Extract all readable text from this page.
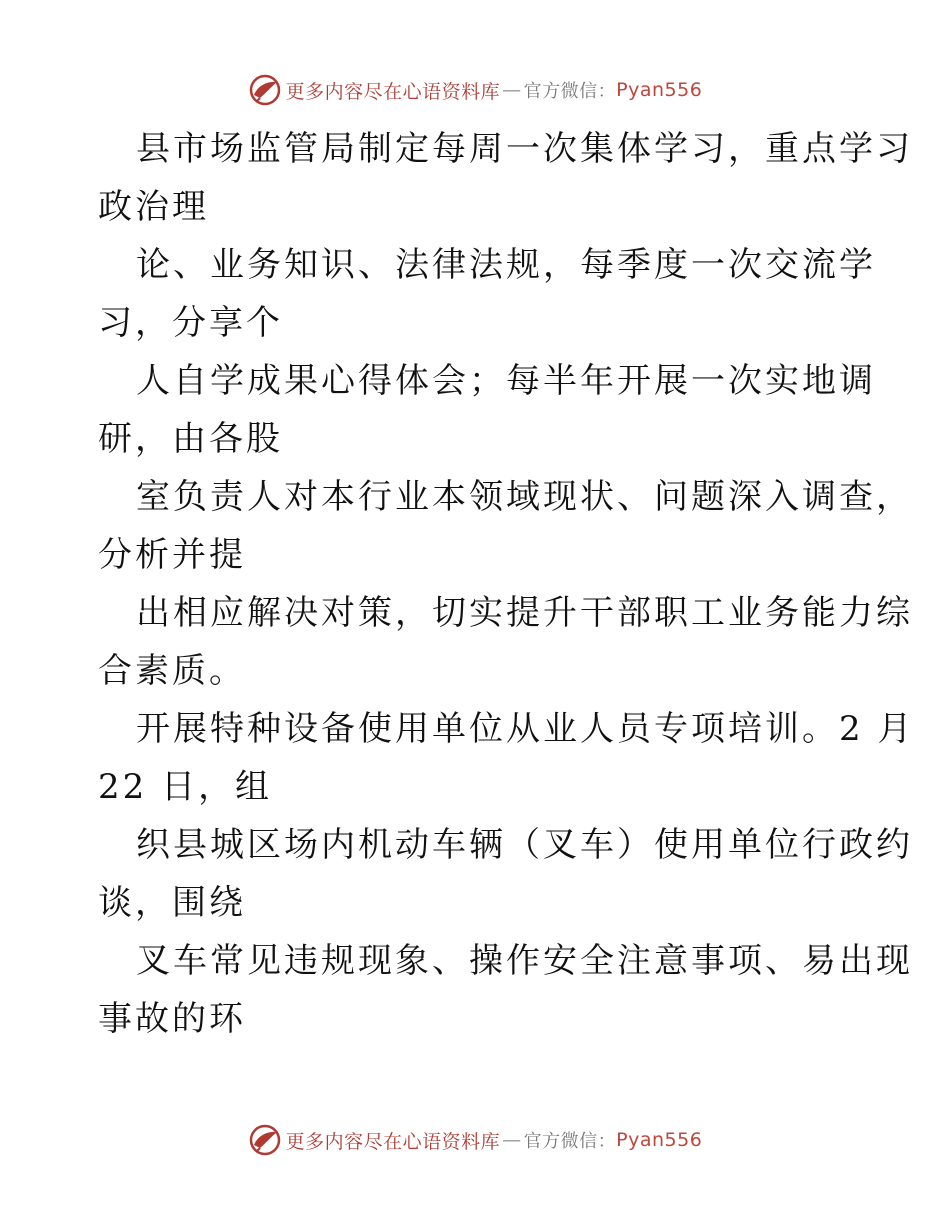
更多内容尽在心语资料库 — 官方微信： Pyan556
县市场监管局制定每周一次集体学习，重点学习
政治理
论、业务知识、法律法规，每季度一次交流学
习，分享个
人自学成果心得体会；每半年开展一次实地调
研，由各股
室负责人对本行业本领域现状、问题深入调查，
分析并提
出相应解决对策，切实提升干部职工业务能力综
合素质。
开展特种设备使用单位从业人员专项培训。2 月
22 日，组
织县城区场内机动车辆（叉车）使用单位行政约
谈，围绕
叉车常见违规现象、操作安全注意事项、易出现
事故的环
更多内容尽在心语资料库 — 官方微信： Pyan556
